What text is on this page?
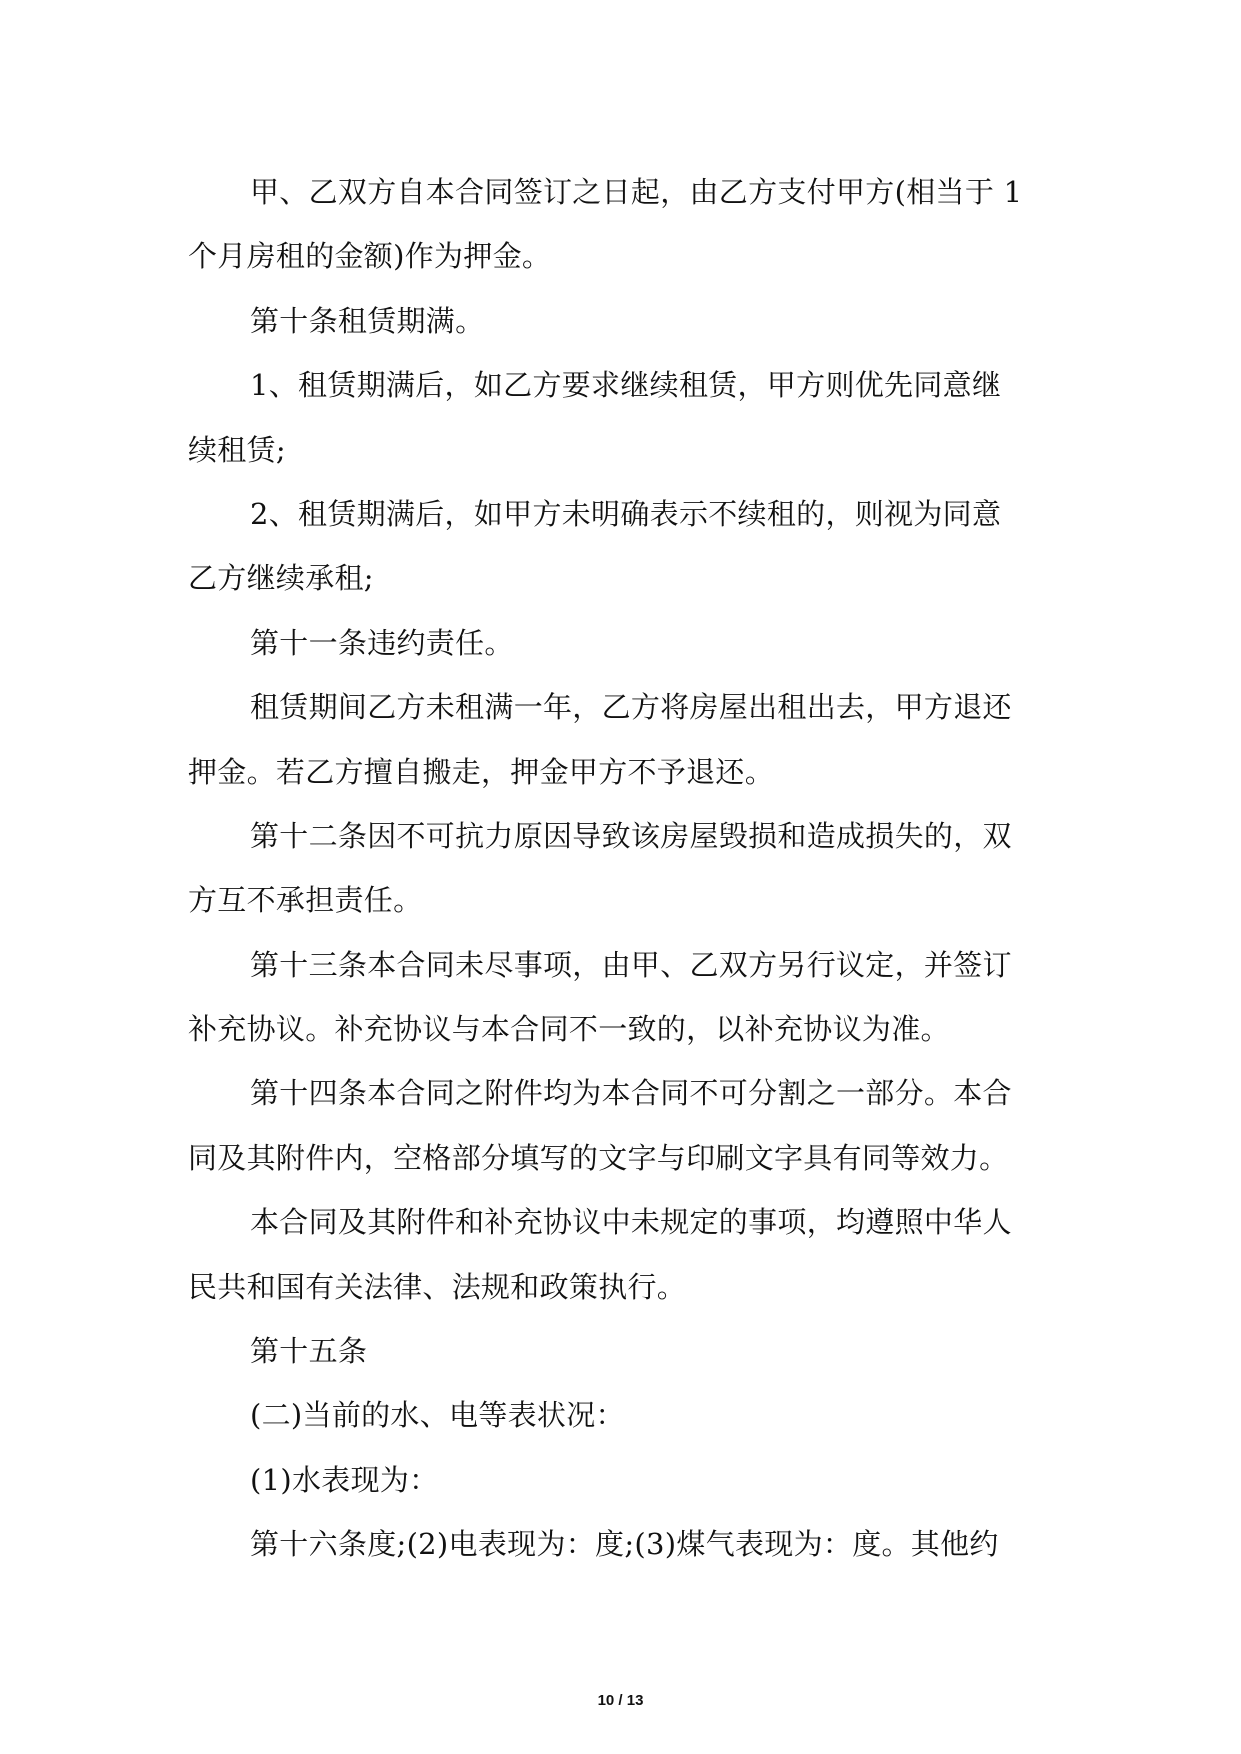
甲、乙双方自本合同签订之日起，由乙方支付甲方(相当于 1
个月房租的金额)作为押金。
第十条租赁期满。
1、租赁期满后，如乙方要求继续租赁，甲方则优先同意继
续租赁;
2、租赁期满后，如甲方未明确表示不续租的，则视为同意
乙方继续承租;
第十一条违约责任。
租赁期间乙方未租满一年，乙方将房屋出租出去，甲方退还
押金。若乙方擅自搬走，押金甲方不予退还。
第十二条因不可抗力原因导致该房屋毁损和造成损失的，双
方互不承担责任。
第十三条本合同未尽事项，由甲、乙双方另行议定，并签订
补充协议。补充协议与本合同不一致的，以补充协议为准。
第十四条本合同之附件均为本合同不可分割之一部分。本合
同及其附件内，空格部分填写的文字与印刷文字具有同等效力。
本合同及其附件和补充协议中未规定的事项，均遵照中华人
民共和国有关法律、法规和政策执行。
第十五条
(二)当前的水、电等表状况：
(1)水表现为：
第十六条度;(2)电表现为：度;(3)煤气表现为：度。其他约
10 / 13
